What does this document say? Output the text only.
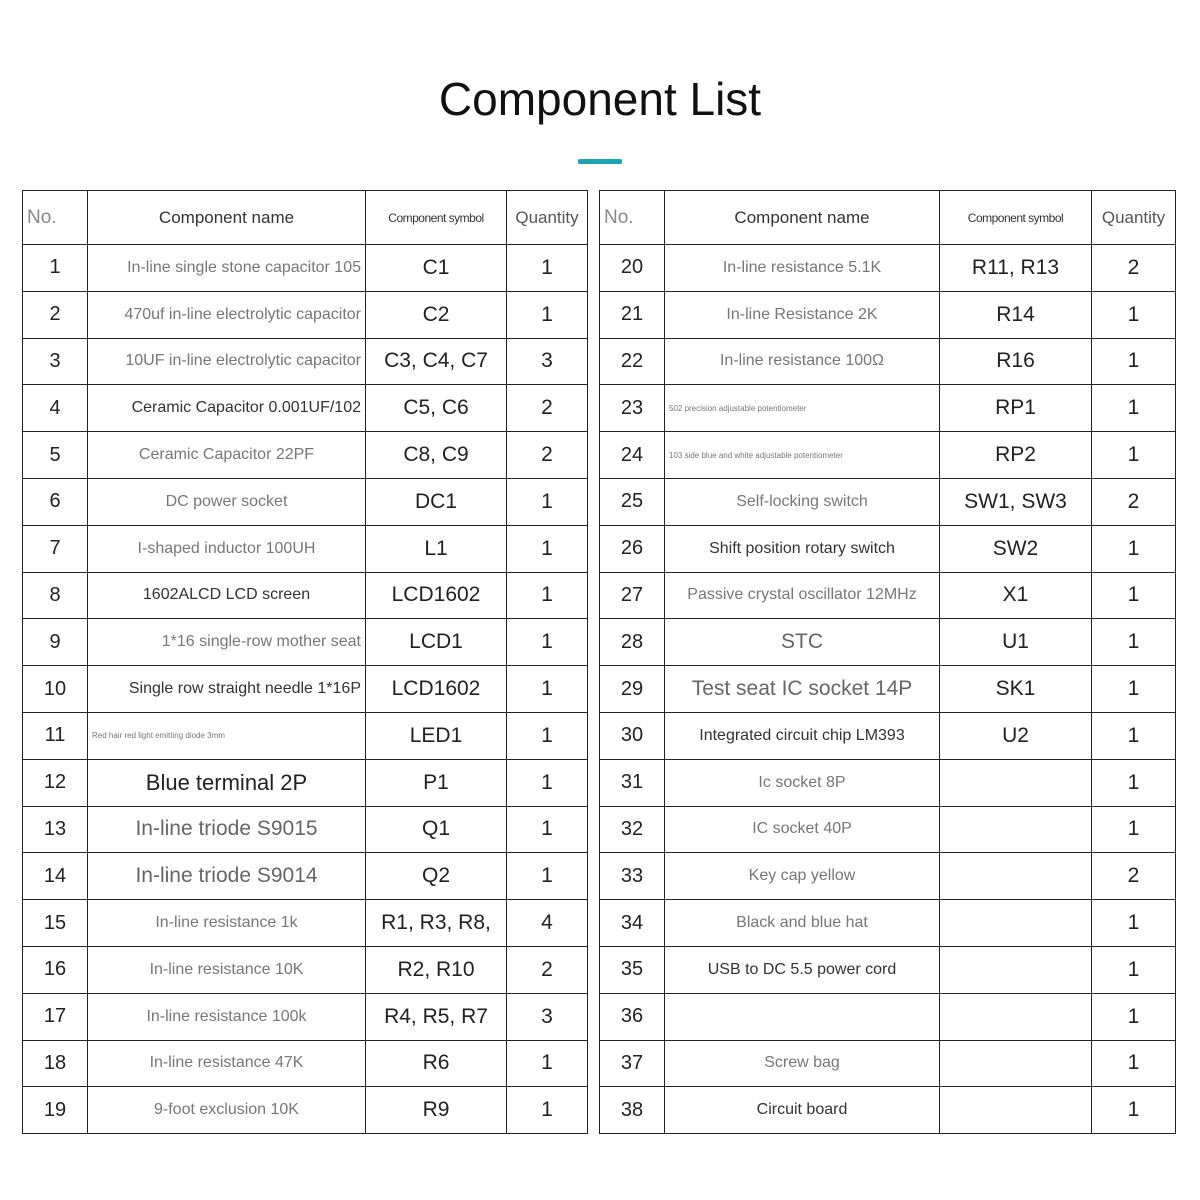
Component List
No.	Component name	Component symbol	Quantity		No.	Component name	Component symbol	Quantity
1	In-line single stone capacitor 105	C1	1		20	In-line resistance 5.1K	R11, R13	2
2	470uf in-line electrolytic capacitor	C2	1		21	In-line Resistance 2K	R14	1
3	10UF in-line electrolytic capacitor	C3, C4, C7	3		22	In-line resistance 100Ω	R16	1
4	Ceramic Capacitor 0.001UF/102	C5, C6	2		23	502 precision adjustable potentiometer	RP1	1
5	Ceramic Capacitor 22PF	C8, C9	2		24	103 side blue and white adjustable potentiometer	RP2	1
6	DC power socket	DC1	1		25	Self-locking switch	SW1, SW3	2
7	I-shaped inductor 100UH	L1	1		26	Shift position rotary switch	SW2	1
8	1602ALCD LCD screen	LCD1602	1		27	Passive crystal oscillator 12MHz	X1	1
9	1*16 single-row mother seat	LCD1	1		28	STC	U1	1
10	Single row straight needle 1*16P	LCD1602	1		29	Test seat IC socket 14P	SK1	1
11	Red hair red light emitting diode 3mm	LED1	1		30	Integrated circuit chip LM393	U2	1
12	Blue terminal 2P	P1	1		31	Ic socket 8P		1
13	In-line triode S9015	Q1	1		32	IC socket 40P		1
14	In-line triode S9014	Q2	1		33	Key cap yellow		2
15	In-line resistance 1k	R1, R3, R8,	4		34	Black and blue hat		1
16	In-line resistance 10K	R2, R10	2		35	USB to DC 5.5 power cord		1
17	In-line resistance 100k	R4, R5, R7	3		36			1
18	In-line resistance 47K	R6	1		37	Screw bag		1
19	9-foot exclusion 10K	R9	1		38	Circuit board		1
